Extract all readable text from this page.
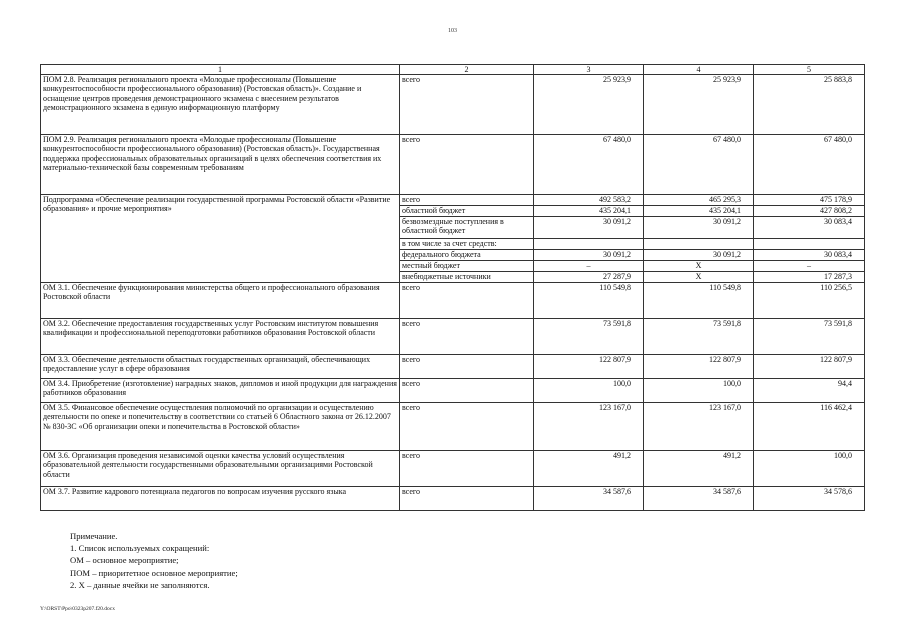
103
1	2	3	4	5
ПОМ 2.8. Реализация регионального проекта «Молодые профессионалы (Повышение конкурентоспособности профессионального образования) (Ростовская область)». Создание и оснащение центров проведения демонстрационного экзамена с внесением результатов демонстрационного экзамена в единую информационную платформу	всего	25 923,9	25 923,9	25 883,8
ПОМ 2.9. Реализация регионального проекта «Молодые профессионалы (Повышение конкурентоспособности профессионального образования) (Ростовская область)». Государственная поддержка профессиональных образовательных организаций в целях обеспечения соответствия их материально-технической базы современным требованиям	всего	67 480,0	67 480,0	67 480,0
Подпрограмма «Обеспечение реализации государственной программы Ростовской области «Развитие образования» и прочие мероприятия»	всего	492 583,2	465 295,3	475 178,9
	областной бюджет	435 204,1	435 204,1	427 808,2
	безвозмездные поступления в областной бюджет	30 091,2	30 091,2	30 083,4
	в том числе за счет средств:			
	федерального бюджета	30 091,2	30 091,2	30 083,4
	местный бюджет	–	Х	–
	внебюджетные источники	27 287,9	Х	17 287,3
ОМ 3.1. Обеспечение функционирования министерства общего и профессионального образования Ростовской области	всего	110 549,8	110 549,8	110 256,5
ОМ 3.2. Обеспечение предоставления государственных услуг Ростовским институтом повышения квалификации и профессиональной переподготовки работников образования Ростовской области	всего	73 591,8	73 591,8	73 591,8
ОМ 3.3. Обеспечение деятельности областных государственных организаций, обеспечивающих предоставление услуг в сфере образования	всего	122 807,9	122 807,9	122 807,9
ОМ 3.4. Приобретение (изготовление) наградных знаков, дипломов и иной продукции для награждения работников образования	всего	100,0	100,0	94,4
ОМ 3.5. Финансовое обеспечение осуществления полномочий по организации и осуществлению деятельности по опеке и попечительству в соответствии со статьей 6 Областного закона от 26.12.2007 № 830-ЗС «Об организации опеки и попечительства в Ростовской области»	всего	123 167,0	123 167,0	116 462,4
ОМ 3.6. Организация проведения независимой оценки качества условий осуществления образовательной деятельности государственными образовательными организациями Ростовской области	всего	491,2	491,2	100,0
ОМ 3.7. Развитие кадрового потенциала педагогов по вопросам изучения русского языка	всего	34 587,6	34 587,6	34 578,6
Примечание.
1. Список используемых сокращений:
ОМ – основное мероприятие;
ПОМ – приоритетное основное мероприятие;
2. Х – данные ячейки не заполняются.
Y:\ORST\Ppo\0323p207.f20.docx
